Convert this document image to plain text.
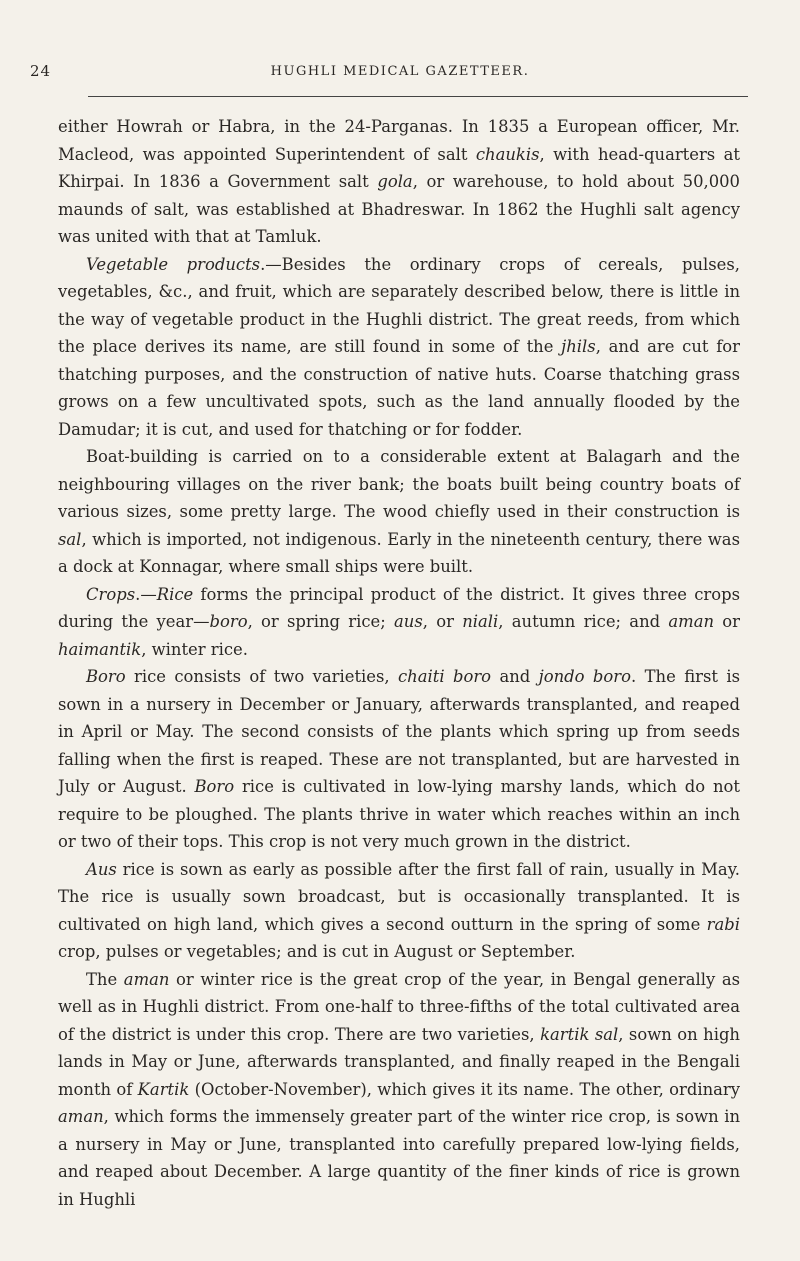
24	HUGHLI MEDICAL GAZETTEER.

either Howrah or Habra, in the 24-Parganas. In 1835 a European officer, Mr. Macleod, was appointed Superintendent of salt chaukis, with head-quarters at Khirpai. In 1836 a Government salt gola, or warehouse, to hold about 50,000 maunds of salt, was established at Bhadreswar. In 1862 the Hughli salt agency was united with that at Tamluk.

Vegetable products.—Besides the ordinary crops of cereals, pulses, vegetables, &c., and fruit, which are separately described below, there is little in the way of vegetable product in the Hughli district. The great reeds, from which the place derives its name, are still found in some of the jhils, and are cut for thatching purposes, and the construction of native huts. Coarse thatching grass grows on a few uncultivated spots, such as the land annually flooded by the Damudar; it is cut, and used for thatching or for fodder.

Boat-building is carried on to a considerable extent at Balagarh and the neighbouring villages on the river bank; the boats built being country boats of various sizes, some pretty large. The wood chiefly used in their construction is sal, which is imported, not indigenous. Early in the nineteenth century, there was a dock at Konnagar, where small ships were built.

Crops.—Rice forms the principal product of the district. It gives three crops during the year—boro, or spring rice; aus, or niali, autumn rice; and aman or haimantik, winter rice.

Boro rice consists of two varieties, chaiti boro and jondo boro. The first is sown in a nursery in December or January, afterwards transplanted, and reaped in April or May. The second consists of the plants which spring up from seeds falling when the first is reaped. These are not transplanted, but are harvested in July or August. Boro rice is cultivated in low-lying marshy lands, which do not require to be ploughed. The plants thrive in water which reaches within an inch or two of their tops. This crop is not very much grown in the district.

Aus rice is sown as early as possible after the first fall of rain, usually in May. The rice is usually sown broadcast, but is occasionally transplanted. It is cultivated on high land, which gives a second outturn in the spring of some rabi crop, pulses or vegetables; and is cut in August or September.

The aman or winter rice is the great crop of the year, in Bengal generally as well as in Hughli district. From one-half to three-fifths of the total cultivated area of the district is under this crop. There are two varieties, kartik sal, sown on high lands in May or June, afterwards transplanted, and finally reaped in the Bengali month of Kartik (October-November), which gives it its name. The other, ordinary aman, which forms the immensely greater part of the winter rice crop, is sown in a nursery in May or June, transplanted into carefully prepared low-lying fields, and reaped about December. A large quantity of the finer kinds of rice is grown in Hughli
